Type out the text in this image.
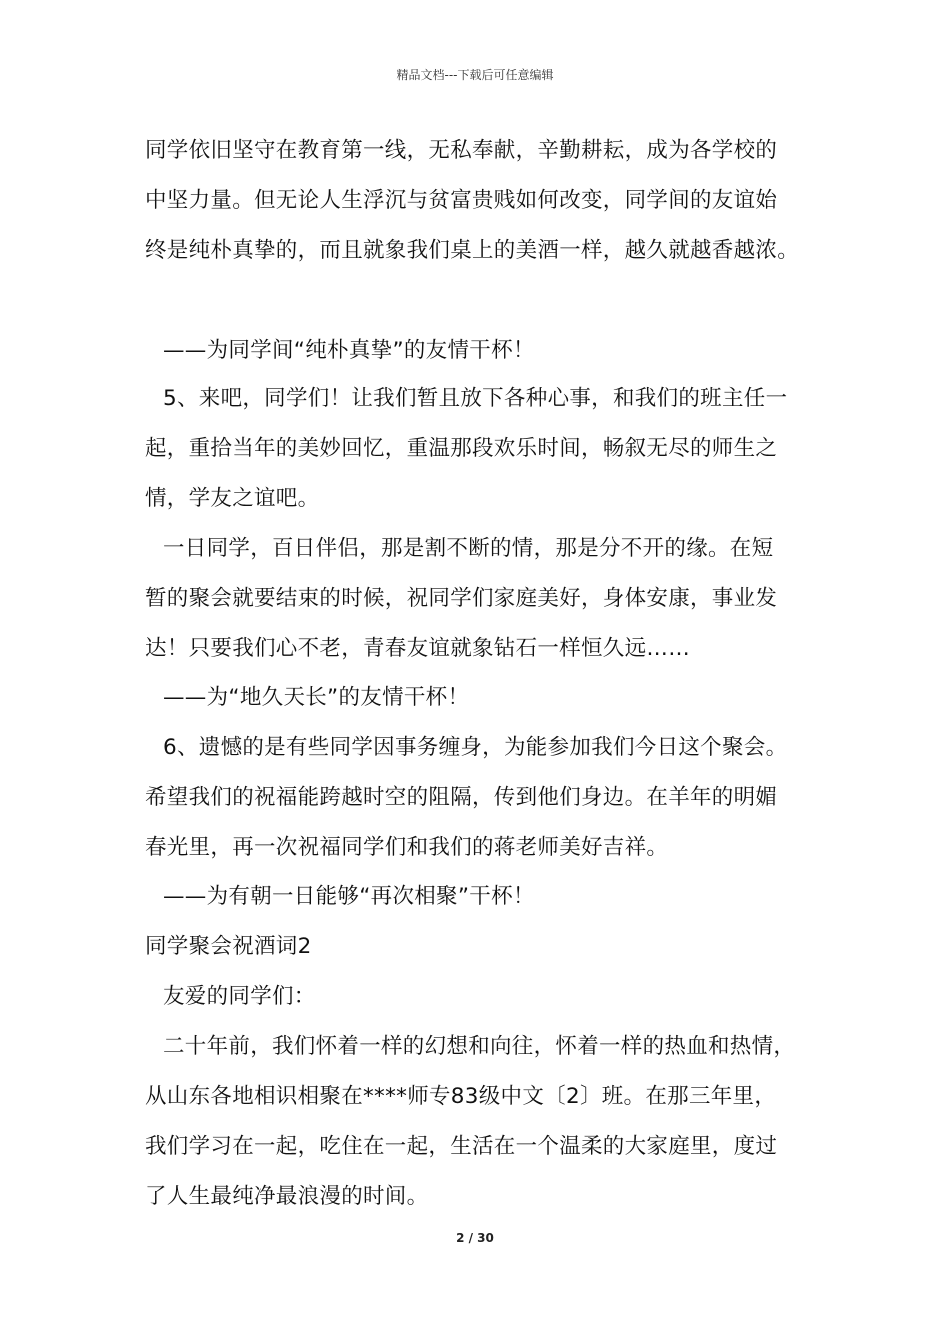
精品文档---下载后可任意编辑
同学依旧坚守在教育第一线，无私奉献，辛勤耕耘，成为各学校的
中坚力量。但无论人生浮沉与贫富贵贱如何改变，同学间的友谊始
终是纯朴真挚的，而且就象我们桌上的美酒一样，越久就越香越浓。
——为同学间“纯朴真挚”的友情干杯！
5、来吧，同学们！让我们暂且放下各种心事，和我们的班主任一
起，重拾当年的美妙回忆，重温那段欢乐时间，畅叙无尽的师生之
情，学友之谊吧。
一日同学，百日伴侣，那是割不断的情，那是分不开的缘。在短
暂的聚会就要结束的时候，祝同学们家庭美好，身体安康，事业发
达！只要我们心不老，青春友谊就象钻石一样恒久远……
——为“地久天长”的友情干杯！
6、遗憾的是有些同学因事务缠身，为能参加我们今日这个聚会。
希望我们的祝福能跨越时空的阻隔，传到他们身边。在羊年的明媚
春光里，再一次祝福同学们和我们的蒋老师美好吉祥。
——为有朝一日能够“再次相聚”干杯！
同学聚会祝酒词2
友爱的同学们：
二十年前，我们怀着一样的幻想和向往，怀着一样的热血和热情，
从山东各地相识相聚在****师专83级中文〔2〕班。在那三年里，
我们学习在一起，吃住在一起，生活在一个温柔的大家庭里，度过
了人生最纯净最浪漫的时间。
2 / 30
